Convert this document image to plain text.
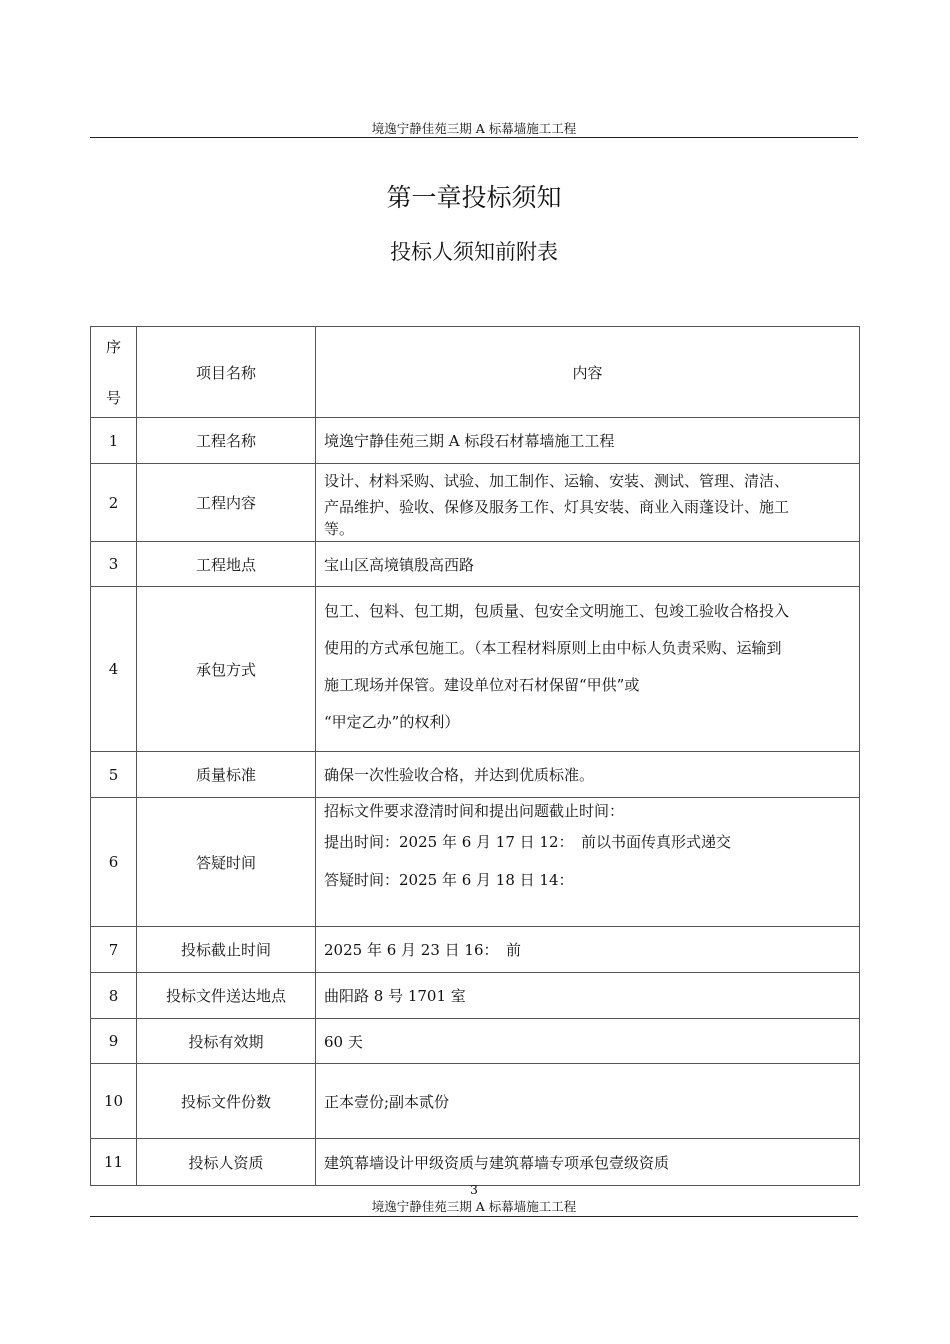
境逸宁静佳苑三期 A 标幕墙施工工程
第一章投标须知
投标人须知前附表
序
号	项目名称	内容
1	工程名称	境逸宁静佳苑三期 A 标段石材幕墙施工工程

2	工程内容	设计、材料采购、试验、加工制作、运输、安装、测试、管理、清洁、
产品维护、验收、保修及服务工作、灯具安装、商业入雨蓬设计、施工
等。

3	工程地点	宝山区高境镇殷高西路

4	承包方式	包工、包料、包工期，包质量、包安全文明施工、包竣工验收合格投入
使用的方式承包施工。（本工程材料原则上由中标人负责采购、运输到
施工现场并保管。建设单位对石材保留“甲供”或
“甲定乙办”的权利）

5	质量标准	确保一次性验收合格，并达到优质标准。

6	答疑时间	招标文件要求澄清时间和提出问题截止时间：
提出时间：2025 年 6 月 17 日 12：　前以书面传真形式递交
答疑时间：2025 年 6 月 18 日 14：

7	投标截止时间	2025 年 6 月 23 日 16：　前

8	投标文件送达地点	曲阳路 8 号 1701 室

9	投标有效期	60 天

10	投标文件份数	正本壹份;副本贰份

11	投标人资质	建筑幕墙设计甲级资质与建筑幕墙专项承包壹级资质
3
境逸宁静佳苑三期 A 标幕墙施工工程
